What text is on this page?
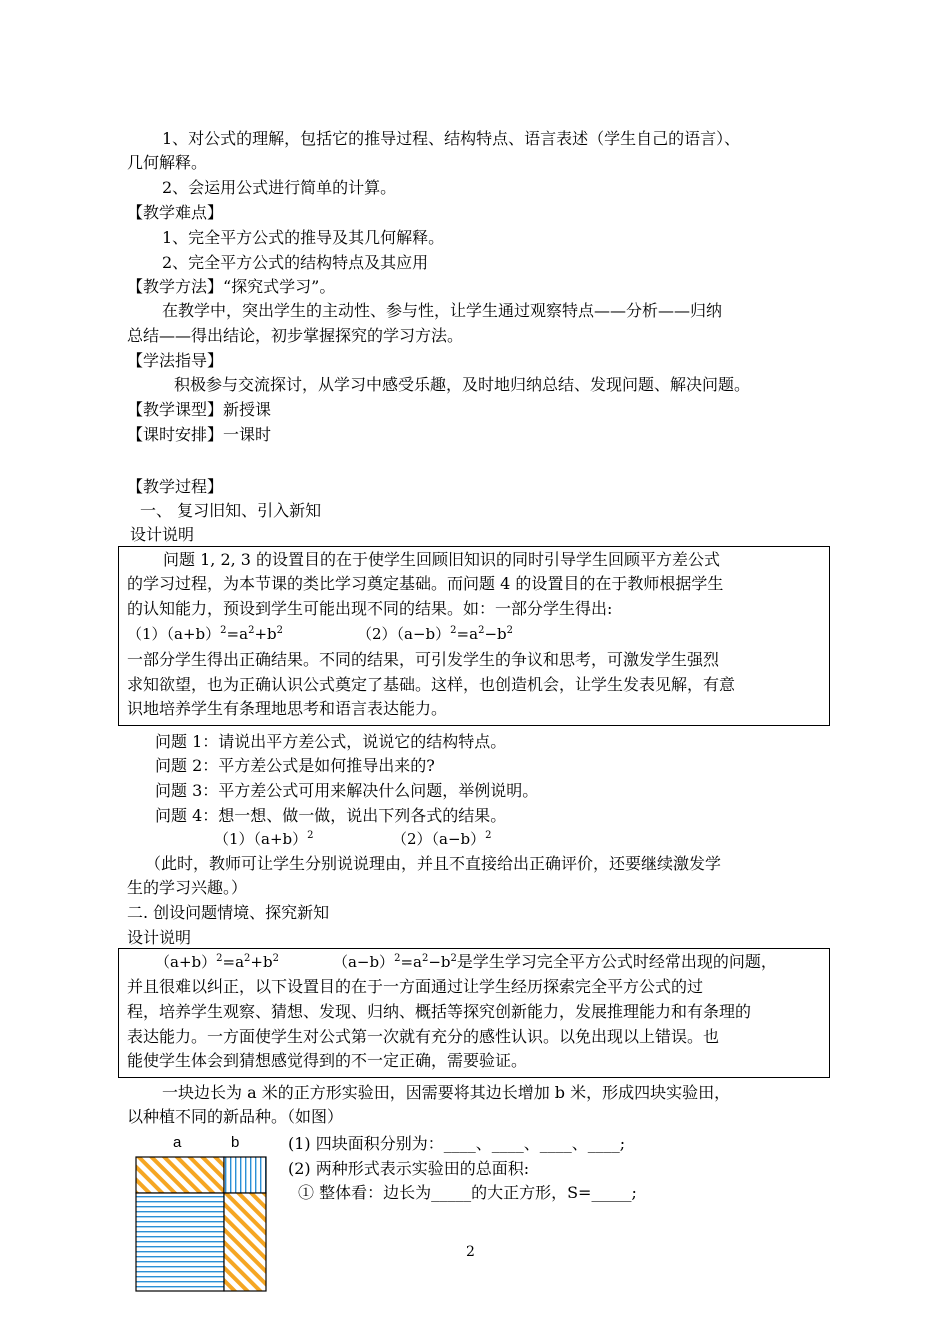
1、对公式的理解，包括它的推导过程、结构特点、语言表述（学生自己的语言）、
几何解释。
2、会运用公式进行简单的计算。
【教学难点】
1、完全平方公式的推导及其几何解释。
2、完全平方公式的结构特点及其应用
【教学方法】“探究式学习”。
在教学中，突出学生的主动性、参与性，让学生通过观察特点——分析——归纳
总结——得出结论，初步掌握探究的学习方法。
【学法指导】
积极参与交流探讨，从学习中感受乐趣，及时地归纳总结、发现问题、解决问题。
【教学课型】新授课
【课时安排】一课时
【教学过程】
一、 复习旧知、引入新知
设计说明
问题 1, 2, 3 的设置目的在于使学生回顾旧知识的同时引导学生回顾平方差公式
的学习过程，为本节课的类比学习奠定基础。而问题 4 的设置目的在于教师根据学生
的认知能力，预设到学生可能出现不同的结果。如：一部分学生得出:
$(1)(a+b)^2=a^2+b^2$	$(2)(a-b)^2=a^2-b^2$
一部分学生得出正确结果。不同的结果，可引发学生的争议和思考，可激发学生强烈
求知欲望，也为正确认识公式奠定了基础。这样，也创造机会，让学生发表见解，有意
识地培养学生有条理地思考和语言表达能力。
问题 1：请说出平方差公式，说说它的结构特点。
问题 2：平方差公式是如何推导出来的?
问题 3：平方差公式可用来解决什么问题，举例说明。
问题 4：想一想、做一做，说出下列各式的结果。
$(1)(a+b)^2$	$(2)(a-b)^2$
（此时，教师可让学生分别说说理由，并且不直接给出正确评价，还要继续激发学
生的学习兴趣。）
二. 创设问题情境、探究新知
设计说明
$(a+b)^2=a^2+b^2$	$(a-b)^2=a^2-b^2$是学生学习完全平方公式时经常出现的问题，
并且很难以纠正，以下设置目的在于一方面通过让学生经历探索完全平方公式的过
程，培养学生观察、猜想、发现、归纳、概括等探究创新能力，发展推理能力和有条理的
表达能力。一方面使学生对公式第一次就有充分的感性认识。以免出现以上错误。也
能使学生体会到猜想感觉得到的不一定正确，需要验证。
一块边长为 a 米的正方形实验田，因需要将其边长增加 b 米，形成四块实验田，
以种植不同的新品种。（如图）
a	b	(1) 四块面积分别为：____、____、____、____;
(2) 两种形式表示实验田的总面积:
① 整体看：边长为_____的大正方形，S=_____;
2
